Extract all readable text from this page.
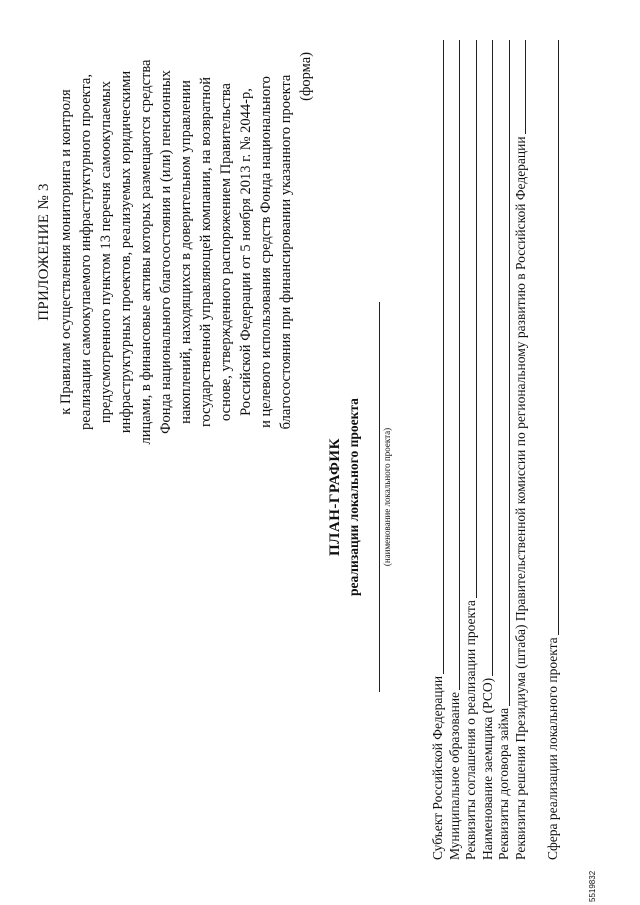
ПРИЛОЖЕНИЕ № 3 к Правилам осуществления мониторинга и контроля реализации самоокупаемого инфраструктурного проекта, предусмотренного пунктом 13 перечня самоокупаемых инфраструктурных проектов, реализуемых юридическими лицами, в финансовые активы которых размещаются средства Фонда национального благосостояния и (или) пенсионных накоплений, находящихся в доверительном управлении государственной управляющей компании, на возвратной основе, утвержденного распоряжением Правительства Российской Федерации от 5 ноября 2013 г. № 2044-р, и целевого использования средств Фонда национального благосостояния при финансировании указанного проекта (форма)
ПЛАН-ГРАФИК реализации локального проекта (наименование локального проекта)
Субъект Российской Федерации Муниципальное образование Реквизиты соглашения о реализации проекта Наименование заемщика (РСО) Реквизиты договора займа Реквизиты решения Президиума (штаба) Правительственной комиссии по региональному развитию в Российской Федерации Сфера реализации локального проекта
5519832
